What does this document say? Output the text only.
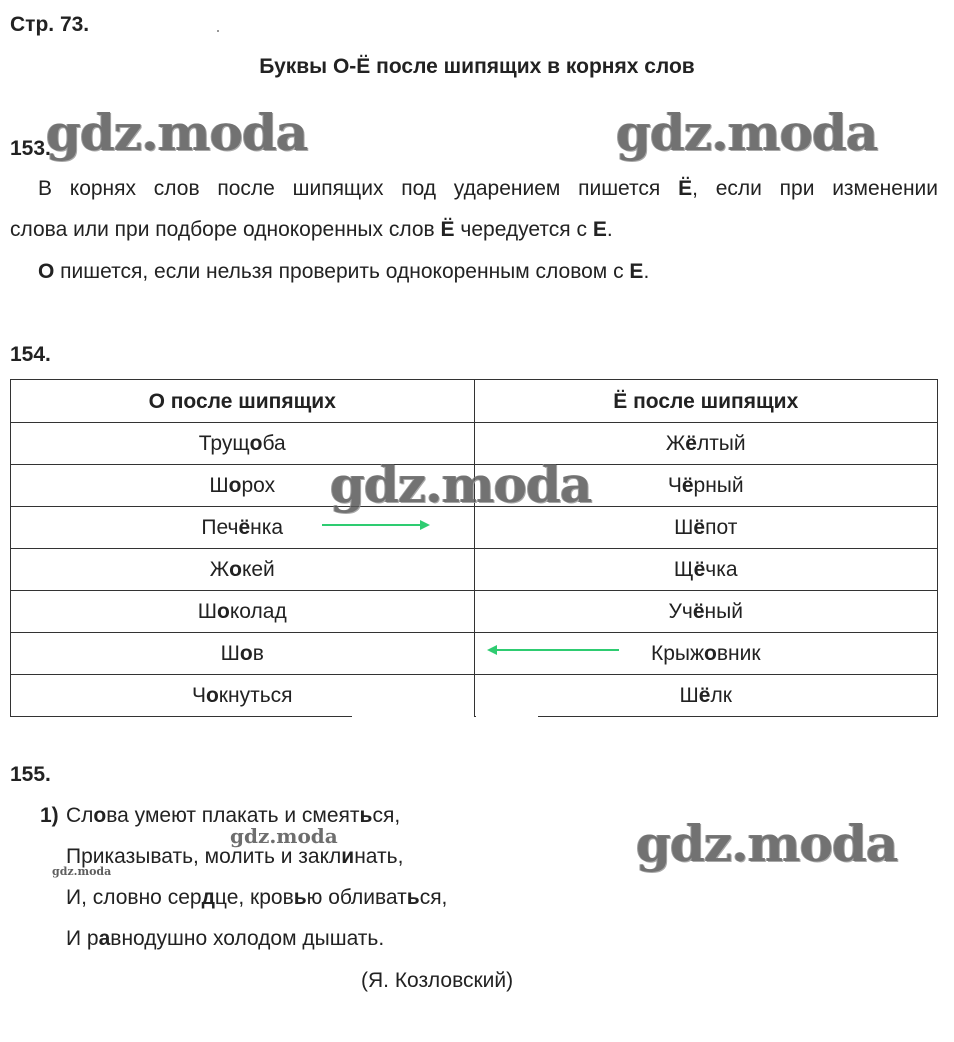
Стр. 73.
Буквы О-Ё после шипящих в корнях слов
153.
В корнях слов после шипящих под ударением пишется Ё, если при изменении
слова или при подборе однокоренных слов Ё чередуется с Е.
О пишется, если нельзя проверить однокоренным словом с Е.
154.
О после шипящих	Ё после шипящих
Трущоба	Жёлтый
Шорох	Чёрный
Печёнка	Шёпот
Жокей	Щёчка
Шоколад	Учёный
Шов	Крыжовник
Чокнуться	Шёлк
155.
1) Слова умеют плакать и смеяться,
Приказывать, молить и заклинать,
И, словно сердце, кровью обливаться,
И равнодушно холодом дышать.
(Я. Козловский)
gdz.moda	gdz.moda
gdz.moda
gdz.moda
gdz.moda
gdz.moda
